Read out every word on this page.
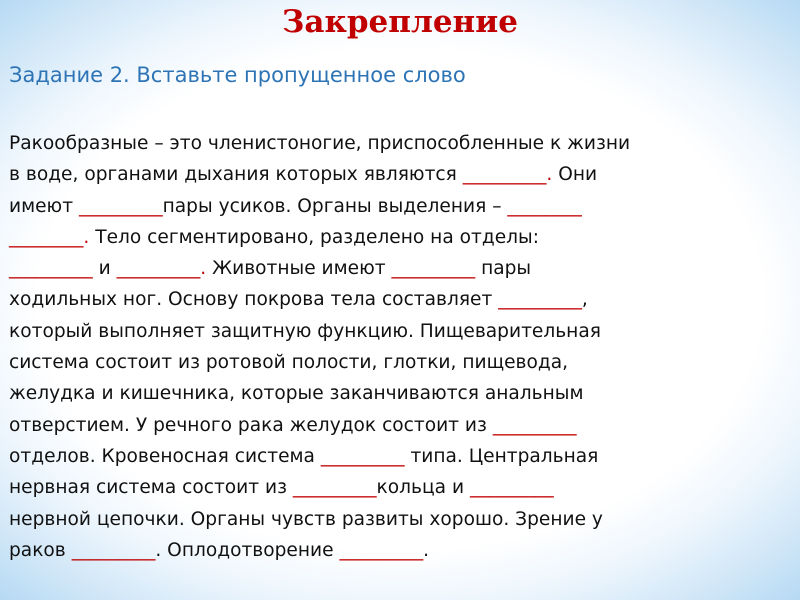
Закрепление
Задание 2. Вставьте пропущенное слово
Ракообразные – это членистоногие, приспособленные к жизни
в воде, органами дыхания которых являются _________. Они
имеют _________пары усиков. Органы выделения – ________
________. Тело сегментировано, разделено на отделы:
_________ и _________. Животные имеют _________ пары
ходильных ног. Основу покрова тела составляет _________,
который выполняет защитную функцию. Пищеварительная
система состоит из ротовой полости, глотки, пищевода,
желудка и кишечника, которые заканчиваются анальным
отверстием. У речного рака желудок состоит из _________
отделов. Кровеносная система _________ типа. Центральная
нервная система состоит из _________кольца и _________
нервной цепочки. Органы чувств развиты хорошо. Зрение у
раков _________. Оплодотворение _________.
